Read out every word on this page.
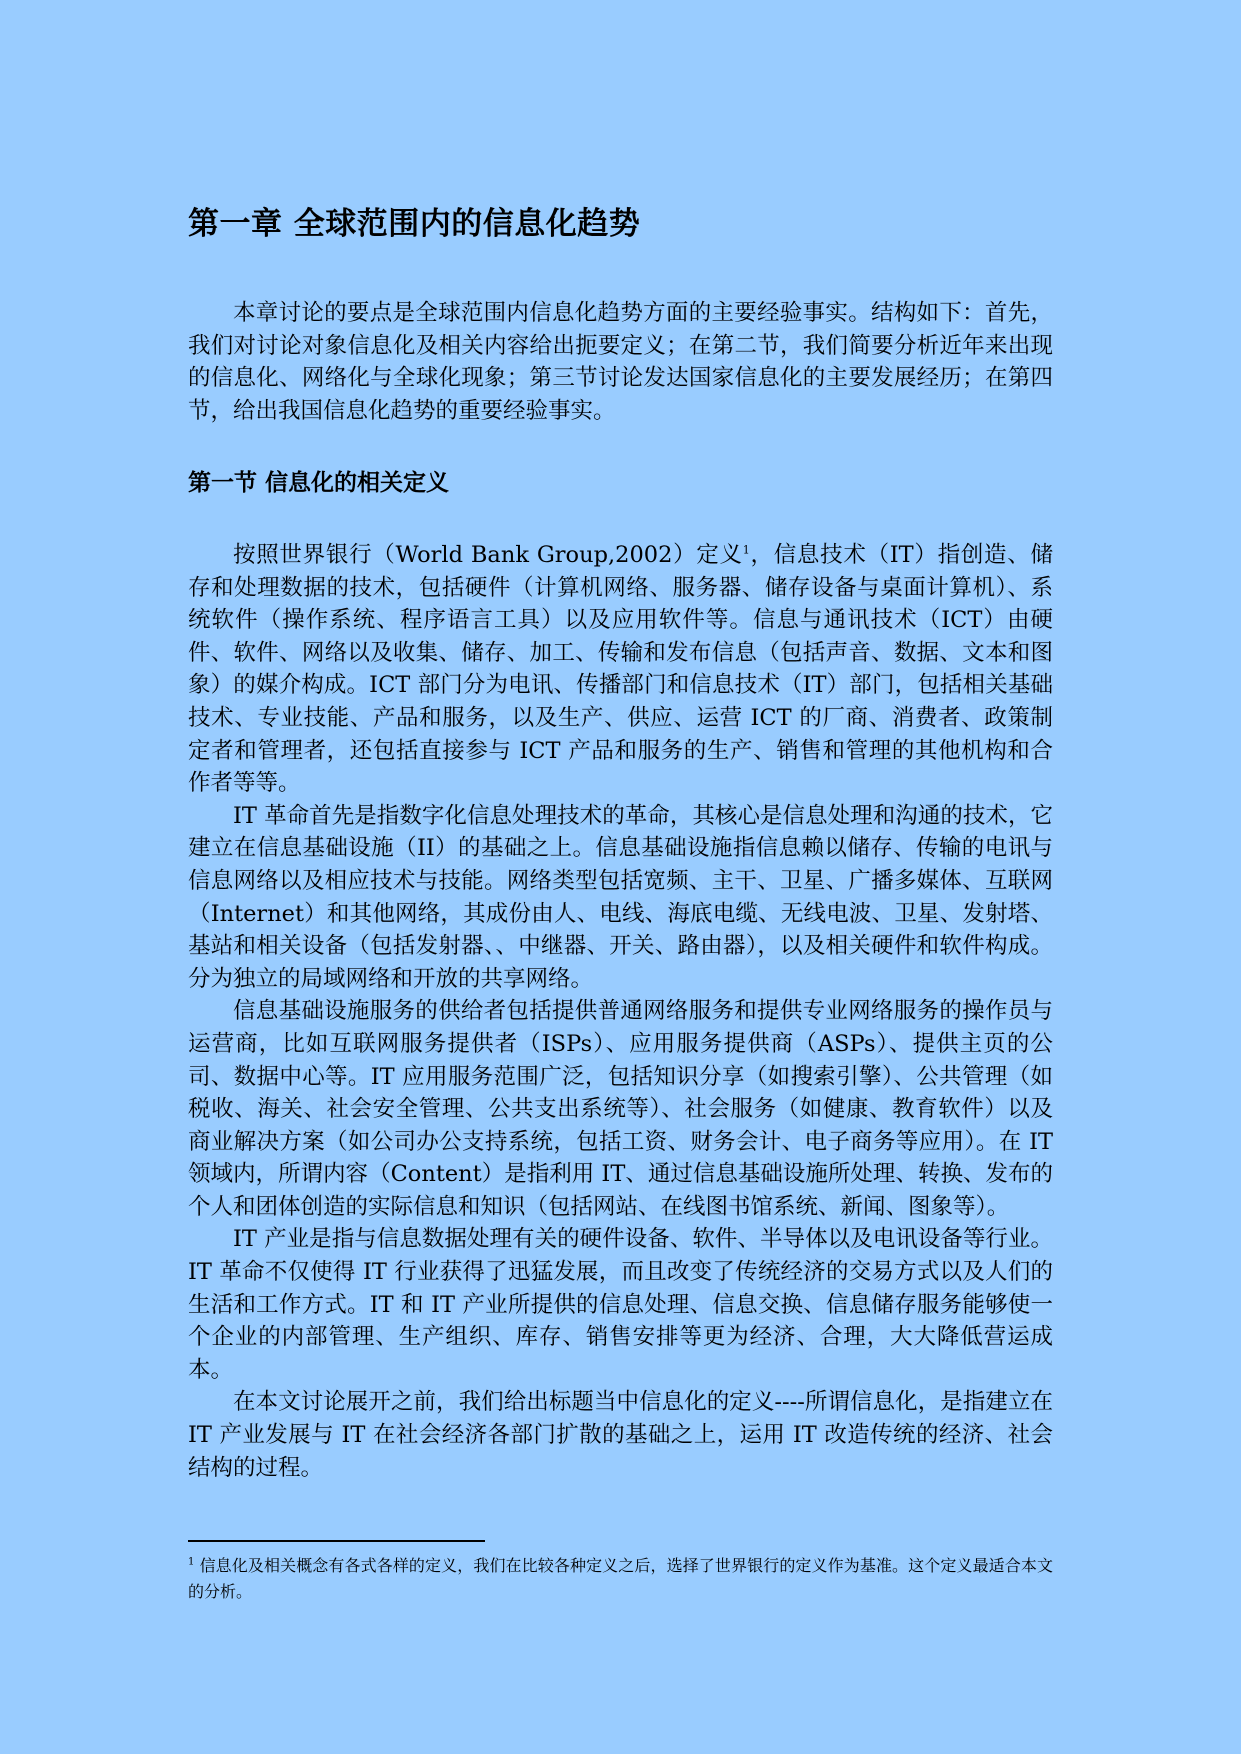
第一章 全球范围内的信息化趋势

本章讨论的要点是全球范围内信息化趋势方面的主要经验事实。结构如下：首先，我们对讨论对象信息化及相关内容给出扼要定义；在第二节，我们简要分析近年来出现的信息化、网络化与全球化现象；第三节讨论发达国家信息化的主要发展经历；在第四节，给出我国信息化趋势的重要经验事实。

第一节 信息化的相关定义

按照世界银行（World Bank Group,2002）定义$^1$，信息技术（IT）指创造、储存和处理数据的技术，包括硬件（计算机网络、服务器、储存设备与桌面计算机）、系统软件（操作系统、程序语言工具）以及应用软件等。信息与通讯技术（ICT）由硬件、软件、网络以及收集、储存、加工、传输和发布信息（包括声音、数据、文本和图象）的媒介构成。ICT 部门分为电讯、传播部门和信息技术（IT）部门，包括相关基础技术、专业技能、产品和服务，以及生产、供应、运营 ICT 的厂商、消费者、政策制定者和管理者，还包括直接参与 ICT 产品和服务的生产、销售和管理的其他机构和合作者等等。

IT 革命首先是指数字化信息处理技术的革命，其核心是信息处理和沟通的技术，它建立在信息基础设施（II）的基础之上。信息基础设施指信息赖以储存、传输的电讯与信息网络以及相应技术与技能。网络类型包括宽频、主干、卫星、广播多媒体、互联网（Internet）和其他网络，其成份由人、电线、海底电缆、无线电波、卫星、发射塔、基站和相关设备（包括发射器、、中继器、开关、路由器），以及相关硬件和软件构成。分为独立的局域网络和开放的共享网络。

信息基础设施服务的供给者包括提供普通网络服务和提供专业网络服务的操作员与运营商，比如互联网服务提供者（ISPs）、应用服务提供商（ASPs）、提供主页的公司、数据中心等。IT 应用服务范围广泛，包括知识分享（如搜索引擎）、公共管理（如税收、海关、社会安全管理、公共支出系统等）、社会服务（如健康、教育软件）以及商业解决方案（如公司办公支持系统，包括工资、财务会计、电子商务等应用）。在 IT 领域内，所谓内容（Content）是指利用 IT、通过信息基础设施所处理、转换、发布的个人和团体创造的实际信息和知识（包括网站、在线图书馆系统、新闻、图象等）。

IT 产业是指与信息数据处理有关的硬件设备、软件、半导体以及电讯设备等行业。IT 革命不仅使得 IT 行业获得了迅猛发展，而且改变了传统经济的交易方式以及人们的生活和工作方式。IT 和 IT 产业所提供的信息处理、信息交换、信息储存服务能够使一个企业的内部管理、生产组织、库存、销售安排等更为经济、合理，大大降低营运成本。

在本文讨论展开之前，我们给出标题当中信息化的定义----所谓信息化，是指建立在 IT 产业发展与 IT 在社会经济各部门扩散的基础之上，运用 IT 改造传统的经济、社会结构的过程。

$^1$ 信息化及相关概念有各式各样的定义，我们在比较各种定义之后，选择了世界银行的定义作为基准。这个定义最适合本文的分析。
